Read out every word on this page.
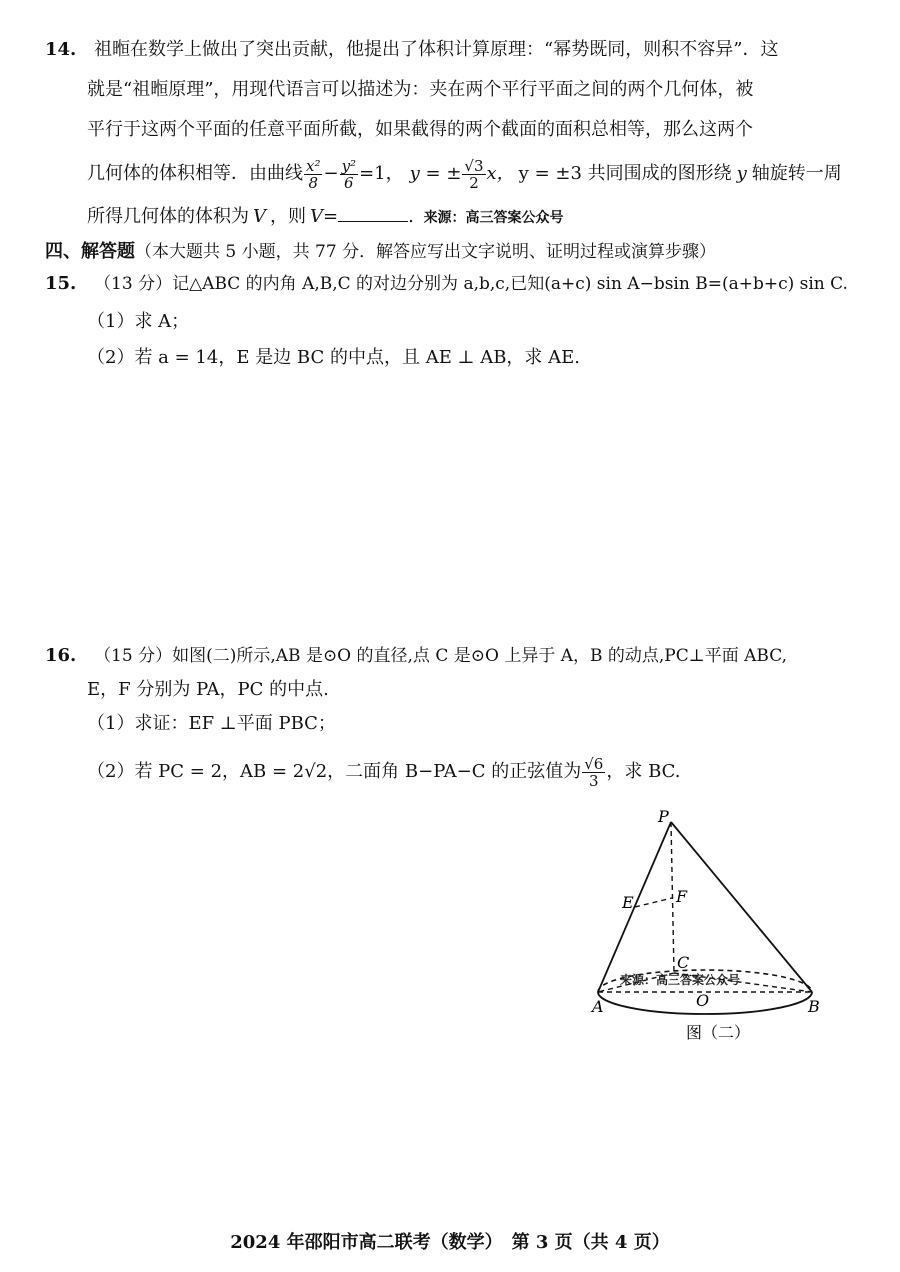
14. 祖暅在数学上做出了突出贡献，他提出了体积计算原理：“幂势既同，则积不容异”．这
就是“祖暅原理”，用现代语言可以描述为：夹在两个平行平面之间的两个几何体，被
平行于这两个平面的任意平面所截，如果截得的两个截面的面积总相等，那么这两个
几何体的体积相等．由曲线 $\frac{\text{x²}}{8} - \frac{\text{y²}}{6} =1$， y = ± $\frac{√3}{2}$ x， y = ±3 共同围成的图形绕 y 轴旋转一周
所得几何体的体积为 V ，则 V=	. 来源：高三答案公众号
四、解答题（本大题共 5 小题，共 77 分．解答应写出文字说明、证明过程或演算步骤）
15. （13 分）记△ABC 的内角 A,B,C 的对边分别为 a,b,c,已知(a+c) sin A−bsin B=(a+b+c) sin C.
（1）求 A；
（2）若 a = 14，E 是边 BC 的中点，且 AE ⊥ AB，求 AE.
16. （15 分）如图(二)所示,AB 是⊙O 的直径,点 C 是⊙O 上异于 A，B 的动点,PC⊥平面 ABC,
E，F 分别为 PA，PC 的中点.
（1）求证：EF ⊥平面 PBC；
（2）若 PC = 2，AB = 2√2，二面角 B−PA−C 的正弦值为 $\frac{√6}{3}$ ，求 BC.
P
E	F
C
A	O	B
来源：高三答案公众号
图（二）
2024 年邵阳市高二联考（数学）　第 3 页（共 4 页）
